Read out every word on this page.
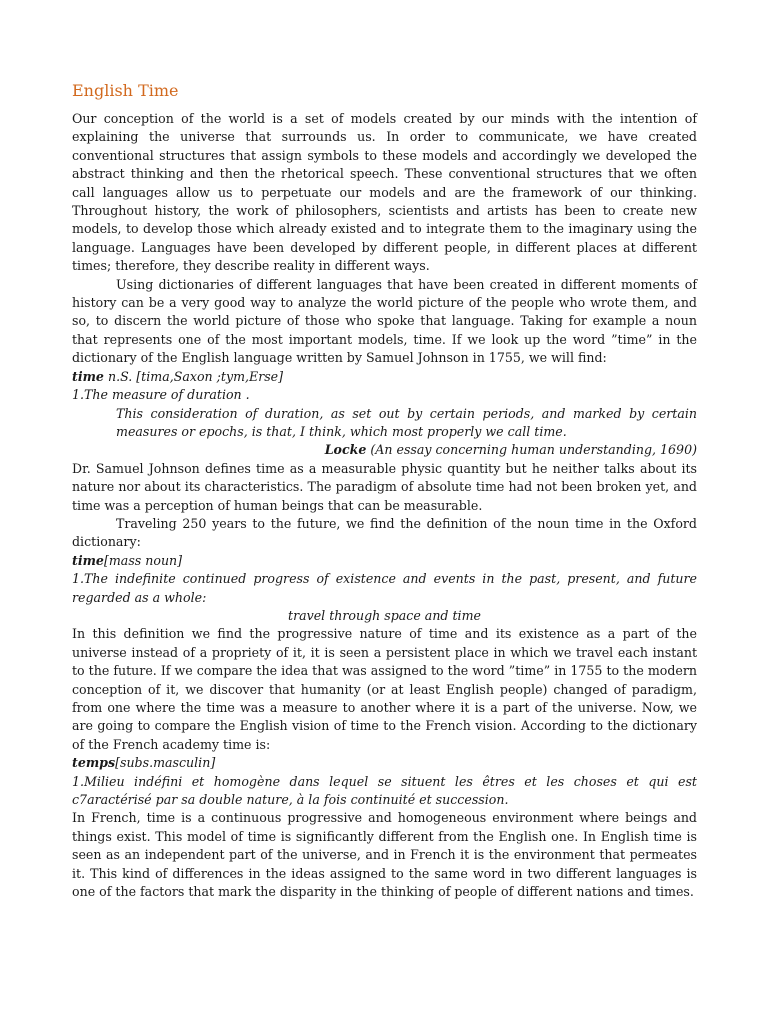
English Time

Our conception of the world is a set of models created by our minds with the intention of explaining the universe that surrounds us. In order to communicate, we have created conventional structures that assign symbols to these models and accordingly we developed the abstract thinking and then the rhetorical speech. These conventional structures that we often call languages allow us to perpetuate our models and are the framework of our thinking. Throughout history, the work of philosophers, scientists and artists has been to create new models, to develop those which already existed and to integrate them to the imaginary using the language. Languages have been developed by different people, in different places at different times; therefore, they describe reality in different ways.

Using dictionaries of different languages that have been created in different moments of history can be a very good way to analyze the world picture of the people who wrote them, and so, to discern the world picture of those who spoke that language. Taking for example a noun that represents one of the most important models, time. If we look up the word ”time” in the dictionary of the English language written by Samuel Johnson in 1755, we will find:

time n.S. [tima,Saxon ;tym,Erse]

1.The measure of duration .

This consideration of duration, as set out by certain periods, and marked by certain measures or epochs, is that, I think, which most properly we call time.

Locke (An essay concerning human understanding, 1690)

Dr. Samuel Johnson defines time as a measurable physic quantity but he neither talks about its nature nor about its characteristics. The paradigm of absolute time had not been broken yet, and time was a perception of human beings that can be measurable.

Traveling 250 years to the future, we find the definition of the noun time in the Oxford dictionary:

time[mass noun]

1.The indefinite continued progress of existence and events in the past, present, and future regarded as a whole:

travel through space and time

In this definition we find the progressive nature of time and its existence as a part of the universe instead of a propriety of it, it is seen a persistent place in which we travel each instant to the future. If we compare the idea that was assigned to the word ”time” in 1755 to the modern conception of it, we discover that humanity (or at least English people) changed of paradigm, from one where the time was a measure to another where it is a part of the universe. Now, we are going to compare the English vision of time to the French vision. According to the dictionary of the French academy time is:

temps[subs.masculin]

1.Milieu indéfini et homogène dans lequel se situent les êtres et les choses et qui est c7aractérisé par sa double nature, à la fois continuité et succession.

In French, time is a continuous progressive and homogeneous environment where beings and things exist. This model of time is significantly different from the English one. In English time is seen as an independent part of the universe, and in French it is the environment that permeates it. This kind of differences in the ideas assigned to the same word in two different languages is one of the factors that mark the disparity in the thinking of people of different nations and times.
